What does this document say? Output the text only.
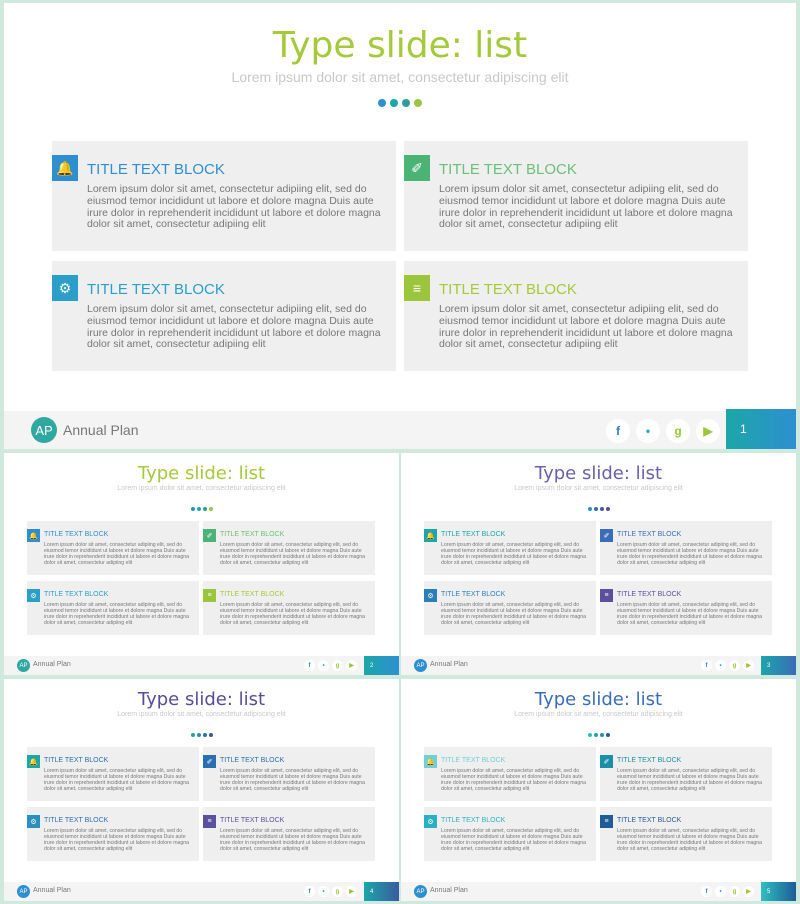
Type slide: list
Lorem ipsum dolor sit amet, consectetur adipiscing elit
🔔 TITLE TEXT BLOCK
Lorem ipsum dolor sit amet, consectetur adipiing elit, sed do eiusmod temor incididunt ut labore et dolore magna Duis aute irure dolor in reprehenderit incididunt ut labore et dolore magna dolor sit amet, consectetur adipiing elit
✐	TITLE TEXT BLOCK
Lorem ipsum dolor sit amet, consectetur adipiing elit, sed do eiusmod temor incididunt ut labore et dolore magna Duis aute irure dolor in reprehenderit incididunt ut labore et dolore magna dolor sit amet, consectetur adipiing elit
⚙	TITLE TEXT BLOCK
Lorem ipsum dolor sit amet, consectetur adipiing elit, sed do eiusmod temor incididunt ut labore et dolore magna Duis aute irure dolor in reprehenderit incididunt ut labore et dolore magna dolor sit amet, consectetur adipiing elit
≡	TITLE TEXT BLOCK
Lorem ipsum dolor sit amet, consectetur adipiing elit, sed do eiusmod temor incididunt ut labore et dolore magna Duis aute irure dolor in reprehenderit incididunt ut labore et dolore magna dolor sit amet, consectetur adipiing elit
AP Annual Plan	f	•	g	▶	1
Type slide: list
Lorem ipsum dolor sit amet, consectetur adipiscing elit
🔔 TITLE TEXT BLOCK
Lorem ipsum dolor sit amet, consectetur adipiing elit, sed do eiusmod temor incididunt ut labore et dolore magna Duis aute irure dolor in reprehenderit incididunt ut labore et dolore magna dolor sit amet, consectetur adipiing elit
✐	TITLE TEXT BLOCK
Lorem ipsum dolor sit amet, consectetur adipiing elit, sed do eiusmod temor incididunt ut labore et dolore magna Duis aute irure dolor in reprehenderit incididunt ut labore et dolore magna dolor sit amet, consectetur adipiing elit
⚙	TITLE TEXT BLOCK
Lorem ipsum dolor sit amet, consectetur adipiing elit, sed do eiusmod temor incididunt ut labore et dolore magna Duis aute irure dolor in reprehenderit incididunt ut labore et dolore magna dolor sit amet, consectetur adipiing elit
≡	TITLE TEXT BLOCK
Lorem ipsum dolor sit amet, consectetur adipiing elit, sed do eiusmod temor incididunt ut labore et dolore magna Duis aute irure dolor in reprehenderit incididunt ut labore et dolore magna dolor sit amet, consectetur adipiing elit
AP Annual Plan	f	•	g	▶	2
Type slide: list
Lorem ipsum dolor sit amet, consectetur adipiscing elit
🔔 TITLE TEXT BLOCK
Lorem ipsum dolor sit amet, consectetur adipiing elit, sed do eiusmod temor incididunt ut labore et dolore magna Duis aute irure dolor in reprehenderit incididunt ut labore et dolore magna dolor sit amet, consectetur adipiing elit
✐	TITLE TEXT BLOCK
Lorem ipsum dolor sit amet, consectetur adipiing elit, sed do eiusmod temor incididunt ut labore et dolore magna Duis aute irure dolor in reprehenderit incididunt ut labore et dolore magna dolor sit amet, consectetur adipiing elit
⚙	TITLE TEXT BLOCK
Lorem ipsum dolor sit amet, consectetur adipiing elit, sed do eiusmod temor incididunt ut labore et dolore magna Duis aute irure dolor in reprehenderit incididunt ut labore et dolore magna dolor sit amet, consectetur adipiing elit
≡	TITLE TEXT BLOCK
Lorem ipsum dolor sit amet, consectetur adipiing elit, sed do eiusmod temor incididunt ut labore et dolore magna Duis aute irure dolor in reprehenderit incididunt ut labore et dolore magna dolor sit amet, consectetur adipiing elit
AP Annual Plan	f	•	g	▶	3
Type slide: list
Lorem ipsum dolor sit amet, consectetur adipiscing elit
🔔 TITLE TEXT BLOCK
Lorem ipsum dolor sit amet, consectetur adipiing elit, sed do eiusmod temor incididunt ut labore et dolore magna Duis aute irure dolor in reprehenderit incididunt ut labore et dolore magna dolor sit amet, consectetur adipiing elit
✐	TITLE TEXT BLOCK
Lorem ipsum dolor sit amet, consectetur adipiing elit, sed do eiusmod temor incididunt ut labore et dolore magna Duis aute irure dolor in reprehenderit incididunt ut labore et dolore magna dolor sit amet, consectetur adipiing elit
⚙	TITLE TEXT BLOCK
Lorem ipsum dolor sit amet, consectetur adipiing elit, sed do eiusmod temor incididunt ut labore et dolore magna Duis aute irure dolor in reprehenderit incididunt ut labore et dolore magna dolor sit amet, consectetur adipiing elit
≡	TITLE TEXT BLOCK
Lorem ipsum dolor sit amet, consectetur adipiing elit, sed do eiusmod temor incididunt ut labore et dolore magna Duis aute irure dolor in reprehenderit incididunt ut labore et dolore magna dolor sit amet, consectetur adipiing elit
AP Annual Plan	f	•	g	▶	4
Type slide: list
Lorem ipsum dolor sit amet, consectetur adipiscing elit
🔔 TITLE TEXT BLOCK
Lorem ipsum dolor sit amet, consectetur adipiing elit, sed do eiusmod temor incididunt ut labore et dolore magna Duis aute irure dolor in reprehenderit incididunt ut labore et dolore magna dolor sit amet, consectetur adipiing elit
✐	TITLE TEXT BLOCK
Lorem ipsum dolor sit amet, consectetur adipiing elit, sed do eiusmod temor incididunt ut labore et dolore magna Duis aute irure dolor in reprehenderit incididunt ut labore et dolore magna dolor sit amet, consectetur adipiing elit
⚙	TITLE TEXT BLOCK
Lorem ipsum dolor sit amet, consectetur adipiing elit, sed do eiusmod temor incididunt ut labore et dolore magna Duis aute irure dolor in reprehenderit incididunt ut labore et dolore magna dolor sit amet, consectetur adipiing elit
≡	TITLE TEXT BLOCK
Lorem ipsum dolor sit amet, consectetur adipiing elit, sed do eiusmod temor incididunt ut labore et dolore magna Duis aute irure dolor in reprehenderit incididunt ut labore et dolore magna dolor sit amet, consectetur adipiing elit
AP Annual Plan	f	•	g	▶	5
